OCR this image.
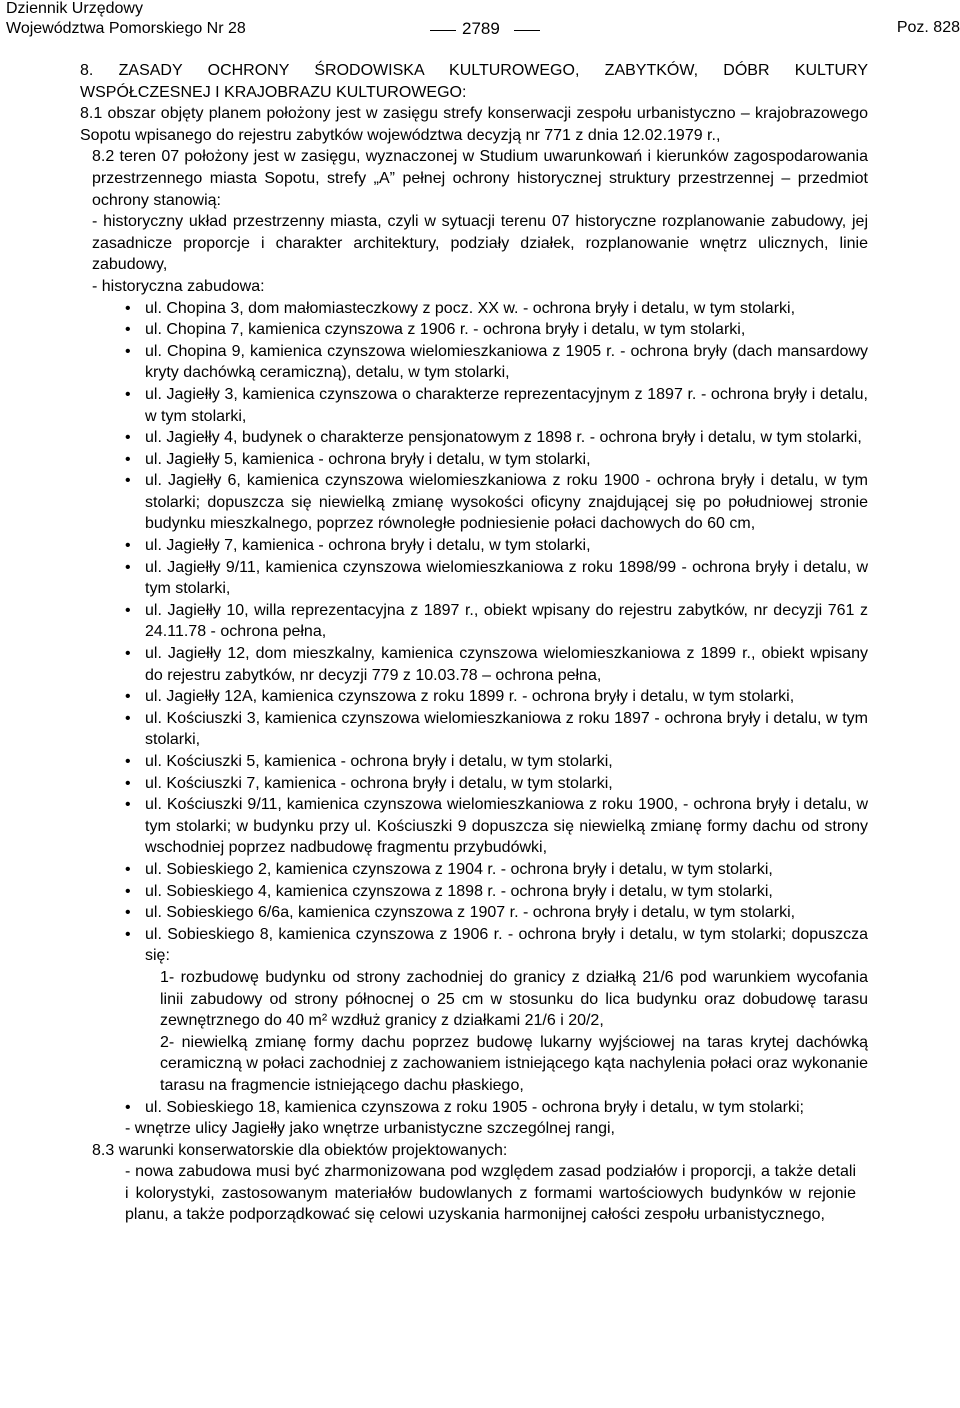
Dziennik Urzędowy
Województwa Pomorskiego Nr 28	2789	Poz. 828

8. ZASADY OCHRONY ŚRODOWISKA KULTUROWEGO, ZABYTKÓW, DÓBR KULTURY

WSPÓŁCZESNEJ I KRAJOBRAZU KULTUROWEGO:

8.1 obszar objęty planem położony jest w zasięgu strefy konserwacji zespołu urbanistyczno – krajobrazowego Sopotu wpisanego do rejestru zabytków województwa decyzją nr 771 z dnia 12.02.1979 r.,

8.2 teren 07 położony jest w zasięgu, wyznaczonej w Studium uwarunkowań i kierunków zagospodarowania przestrzennego miasta Sopotu, strefy „A” pełnej ochrony historycznej struktury przestrzennej – przedmiot ochrony stanowią:

- historyczny układ przestrzenny miasta, czyli w sytuacji terenu 07 historyczne rozplanowanie zabudowy, jej zasadnicze proporcje i charakter architektury, podziały działek, rozplanowanie wnętrz ulicznych, linie zabudowy,

- historyczna zabudowa:

• ul. Chopina 3, dom małomiasteczkowy z pocz. XX w. - ochrona bryły i detalu, w tym stolarki,

• ul. Chopina 7, kamienica czynszowa z 1906 r. - ochrona bryły i detalu, w tym stolarki,

• ul. Chopina 9, kamienica czynszowa wielomieszkaniowa z 1905 r. - ochrona bryły (dach mansardowy kryty dachówką ceramiczną), detalu, w tym stolarki,

• ul. Jagiełły 3, kamienica czynszowa o charakterze reprezentacyjnym z 1897 r. - ochrona bryły i detalu, w tym stolarki,

• ul. Jagiełły 4, budynek o charakterze pensjonatowym z 1898 r. - ochrona bryły i detalu, w tym stolarki,

• ul. Jagiełły 5, kamienica - ochrona bryły i detalu, w tym stolarki,

• ul. Jagiełły 6, kamienica czynszowa wielomieszkaniowa z roku 1900 - ochrona bryły i detalu, w tym stolarki; dopuszcza się niewielką zmianę wysokości oficyny znajdującej się po południowej stronie budynku mieszkalnego, poprzez równoległe podniesienie połaci dachowych do 60 cm,

• ul. Jagiełły 7, kamienica - ochrona bryły i detalu, w tym stolarki,

• ul. Jagiełły 9/11, kamienica czynszowa wielomieszkaniowa z roku 1898/99 - ochrona bryły i detalu, w tym stolarki,

• ul. Jagiełły 10, willa reprezentacyjna z 1897 r., obiekt wpisany do rejestru zabytków, nr decyzji 761 z 24.11.78 - ochrona pełna,

• ul. Jagiełły 12, dom mieszkalny, kamienica czynszowa wielomieszkaniowa z 1899 r., obiekt wpisany do rejestru zabytków, nr decyzji 779 z 10.03.78 – ochrona pełna,

• ul. Jagiełły 12A, kamienica czynszowa z roku 1899 r. - ochrona bryły i detalu, w tym stolarki,

• ul. Kościuszki 3, kamienica czynszowa wielomieszkaniowa z roku 1897 - ochrona bryły i detalu, w tym stolarki,

• ul. Kościuszki 5, kamienica - ochrona bryły i detalu, w tym stolarki,

• ul. Kościuszki 7, kamienica - ochrona bryły i detalu, w tym stolarki,

• ul. Kościuszki 9/11, kamienica czynszowa wielomieszkaniowa z roku 1900, - ochrona bryły i detalu, w tym stolarki; w budynku przy ul. Kościuszki 9 dopuszcza się niewielką zmianę formy dachu od strony wschodniej poprzez nadbudowę fragmentu przybudówki,

• ul. Sobieskiego 2, kamienica czynszowa z 1904 r. - ochrona bryły i detalu, w tym stolarki,

• ul. Sobieskiego 4, kamienica czynszowa z 1898 r. - ochrona bryły i detalu, w tym stolarki,

• ul. Sobieskiego 6/6a, kamienica czynszowa z 1907 r. - ochrona bryły i detalu, w tym stolarki,

• ul. Sobieskiego 8, kamienica czynszowa z 1906 r. - ochrona bryły i detalu, w tym stolarki; dopuszcza się:

1- rozbudowę budynku od strony zachodniej do granicy z działką 21/6 pod warunkiem wycofania linii zabudowy od strony północnej o 25 cm w stosunku do lica budynku oraz dobudowę tarasu zewnętrznego do 40 m² wzdłuż granicy z działkami 21/6 i 20/2,

2- niewielką zmianę formy dachu poprzez budowę lukarny wyjściowej na taras krytej dachówką ceramiczną w połaci zachodniej z zachowaniem istniejącego kąta nachylenia połaci oraz wykonanie tarasu na fragmencie istniejącego dachu płaskiego,

• ul. Sobieskiego 18, kamienica czynszowa z roku 1905 - ochrona bryły i detalu, w tym stolarki;

- wnętrze ulicy Jagiełły jako wnętrze urbanistyczne szczególnej rangi,

8.3 warunki konserwatorskie dla obiektów projektowanych:

- nowa zabudowa musi być zharmonizowana pod względem zasad podziałów i proporcji, a także detali i kolorystyki, zastosowanym materiałów budowlanych z formami wartościowych budynków w rejonie planu, a także podporządkować się celowi uzyskania harmonijnej całości zespołu urbanistycznego,
